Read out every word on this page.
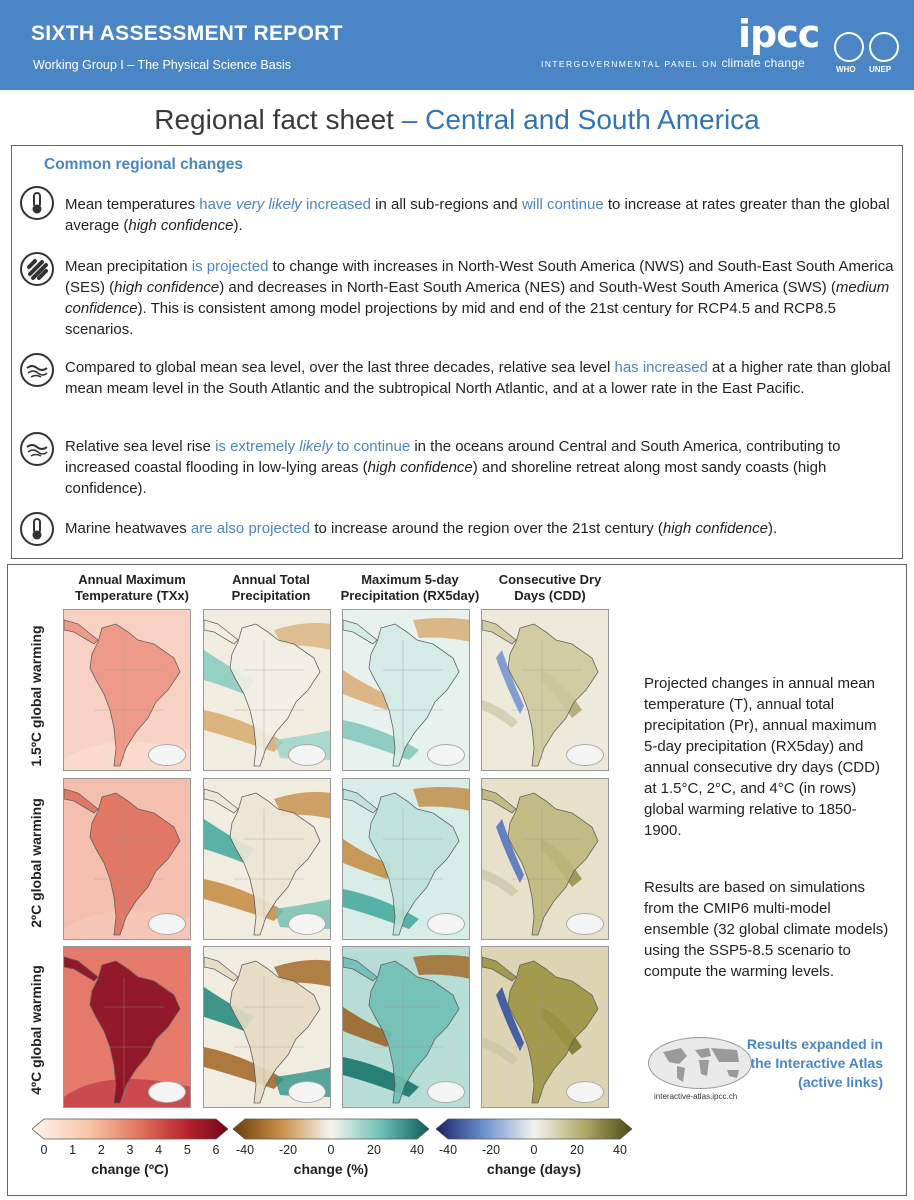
SIXTH ASSESSMENT REPORT
Working Group I – The Physical Science Basis
ipcc
INTERGOVERNMENTAL PANEL ON climate change	WHO UNEP
Regional fact sheet – Central and South America
Common regional changes
Mean temperatures have very likely increased in all sub-regions and will continue to increase at rates greater than the global average (high confidence).
Mean precipitation is projected to change with increases in North-West South America (NWS) and South-East South America (SES) (high confidence) and decreases in North-East South America (NES) and South-West South America (SWS) (medium confidence). This is consistent among model projections by mid and end of the 21st century for RCP4.5 and RCP8.5 scenarios.
Compared to global mean sea level, over the last three decades, relative sea level has increased at a higher rate than global mean meam level in the South Atlantic and the subtropical North Atlantic, and at a lower rate in the East Pacific.
Relative sea level rise is extremely likely to continue in the oceans around Central and South America, contributing to increased coastal flooding in low-lying areas (high confidence) and shoreline retreat along most sandy coasts (high confidence).
Marine heatwaves are also projected to increase around the region over the 21st century (high confidence).
Annual Maximum
Temperature (TXx)
Annual Total
Precipitation
Maximum 5-day
Precipitation (RX5day)
Consecutive Dry
Days (CDD)
1.5ºC global warming
2ºC global warming
4ºC global warming
Projected changes in annual mean temperature (T), annual total precipitation (Pr), annual maximum 5-day precipitation (RX5day) and annual consecutive dry days (CDD) at 1.5°C, 2°C, and 4°C (in rows) global warming relative to 1850-1900.
Results are based on simulations from the CMIP6 multi-model ensemble (32 global climate models) using the SSP5-8.5 scenario to compute the warming levels.
interactive-atlas.ipcc.ch
Results expanded in the Interactive Atlas (active links)
0 1 2 3 4 5 6 -40 -20 0	20 40 -40 -20 0	20 40
change (ºC)	change (%)	change (days)
